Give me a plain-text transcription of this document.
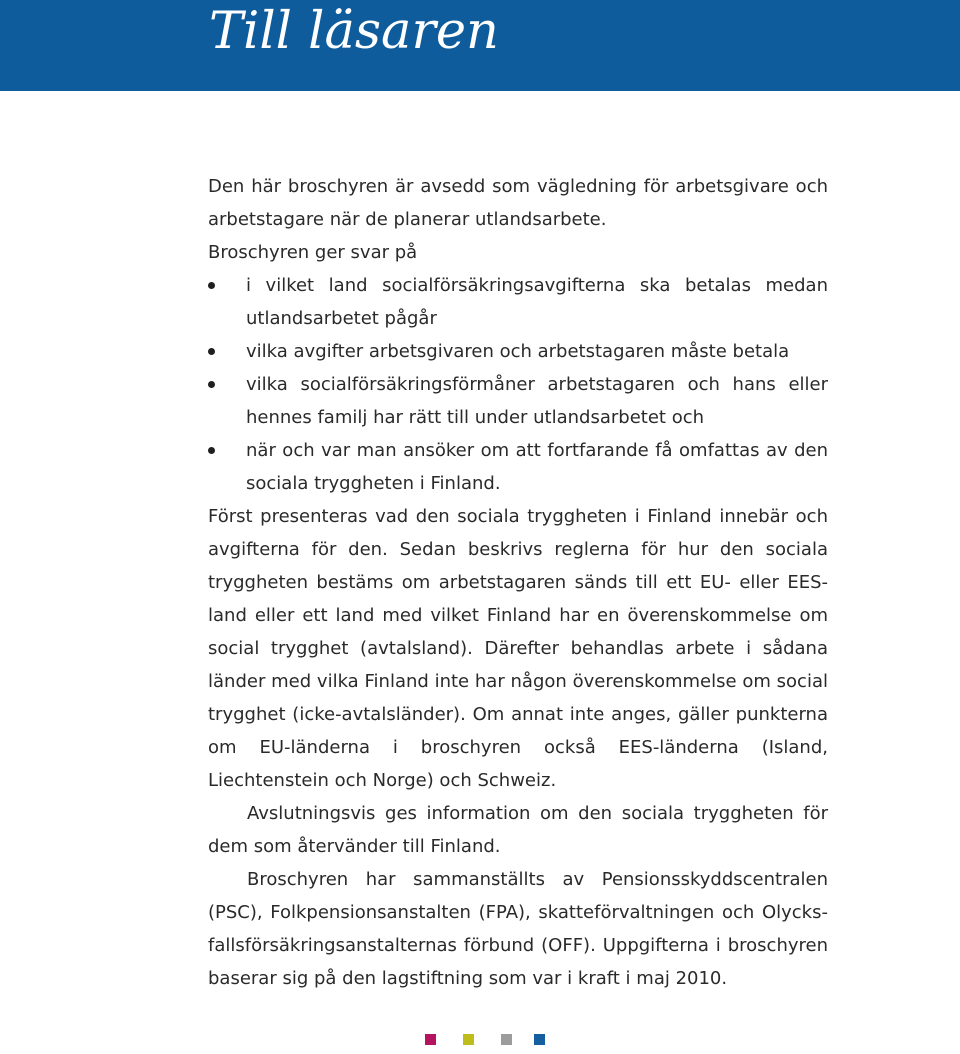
Till läsaren

Den här broschyren är avsedd som vägledning för arbetsgivare och arbetstagare när de planerar utlandsarbete.

Broschyren ger svar på

i vilket land socialförsäkringsavgifterna ska betalas medan utlandsarbetet pågår
vilka avgifter arbetsgivaren och arbetstagaren måste betala
vilka socialförsäkringsförmåner arbetstagaren och hans eller hennes familj har rätt till under utlandsarbetet och
när och var man ansöker om att fortfarande få omfattas av den sociala tryggheten i Finland.

Först presenteras vad den sociala tryggheten i Finland innebär och avgifterna för den. Sedan beskrivs reglerna för hur den sociala tryggheten bestäms om arbetstagaren sänds till ett EU- eller EES-land eller ett land med vilket Finland har en överenskommelse om social trygghet (avtalsland). Därefter behandlas arbete i sådana länder med vilka Finland inte har någon överenskommelse om social trygghet (icke-avtalsländer). Om annat inte anges, gäller punkterna om EU-länderna i broschyren också EES-länderna (Island, Liechtenstein och Norge) och Schweiz.

Avslutningsvis ges information om den sociala tryggheten för dem som återvänder till Finland.

Broschyren har sammanställts av Pensionsskyddscentralen (PSC), Folkpensionsanstalten (FPA), skatteförvaltningen och Olycksfallsförsäkringsanstalternas förbund (OFF). Uppgifterna i broschyren baserar sig på den lagstiftning som var i kraft i maj 2010.
